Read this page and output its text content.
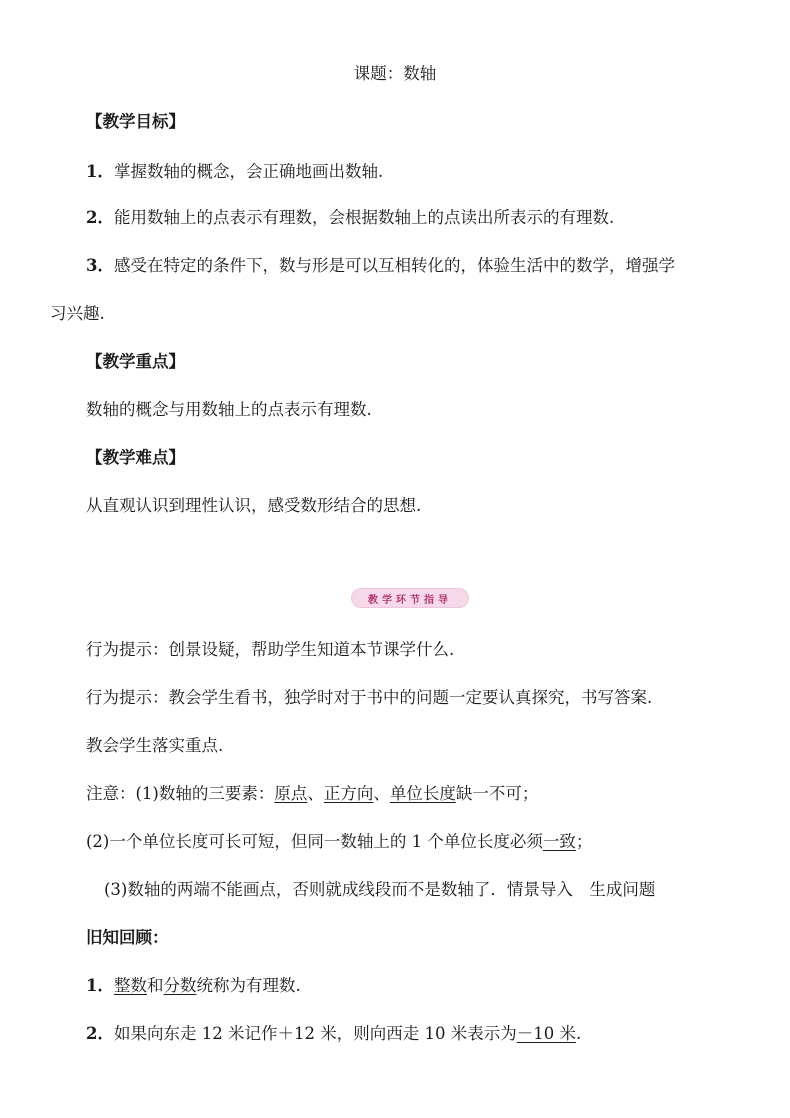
课题：数轴
【教学目标】
1．掌握数轴的概念，会正确地画出数轴.
2．能用数轴上的点表示有理数，会根据数轴上的点读出所表示的有理数.
3．感受在特定的条件下，数与形是可以互相转化的，体验生活中的数学，增强学
习兴趣.
【教学重点】
数轴的概念与用数轴上的点表示有理数.
【教学难点】
从直观认识到理性认识，感受数形结合的思想.
教学环节指导
行为提示：创景设疑，帮助学生知道本节课学什么.
行为提示：教会学生看书，独学时对于书中的问题一定要认真探究，书写答案.
教会学生落实重点.
注意：(1)数轴的三要素：原点、正方向、单位长度缺一不可；
(2)一个单位长度可长可短，但同一数轴上的 1 个单位长度必须一致；
(3)数轴的两端不能画点，否则就成线段而不是数轴了．情景导入　生成问题
旧知回顾：
1．整数和分数统称为有理数.
2．如果向东走 12 米记作＋12 米，则向西走 10 米表示为－10 米.
